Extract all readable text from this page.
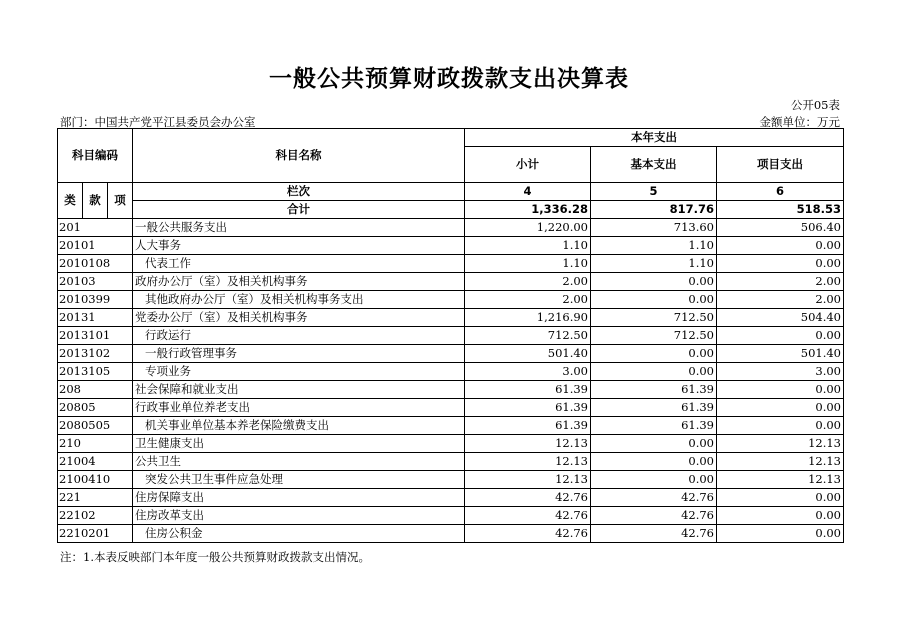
一般公共预算财政拨款支出决算表
公开05表
部门：中国共产党平江县委员会办公室	金额单位：万元
科目编码			科目名称	本年支出		
				小计	基本支出	项目支出

类	款	项	栏次	4	5	6
			合计	1,336.28	817.76	518.53
201			一般公共服务支出	1,220.00	713.60	506.40
20101			人大事务	1.10	1.10	0.00
2010108			代表工作	1.10	1.10	0.00
20103			政府办公厅（室）及相关机构事务	2.00	0.00	2.00
2010399			其他政府办公厅（室）及相关机构事务支出	2.00	0.00	2.00
20131			党委办公厅（室）及相关机构事务	1,216.90	712.50	504.40
2013101			行政运行	712.50	712.50	0.00
2013102			一般行政管理事务	501.40	0.00	501.40
2013105			专项业务	3.00	0.00	3.00
208			社会保障和就业支出	61.39	61.39	0.00
20805			行政事业单位养老支出	61.39	61.39	0.00
2080505			机关事业单位基本养老保险缴费支出	61.39	61.39	0.00
210			卫生健康支出	12.13	0.00	12.13
21004			公共卫生	12.13	0.00	12.13
2100410			突发公共卫生事件应急处理	12.13	0.00	12.13
221			住房保障支出	42.76	42.76	0.00
22102			住房改革支出	42.76	42.76	0.00
2210201			住房公积金	42.76	42.76	0.00
注：1.本表反映部门本年度一般公共预算财政拨款支出情况。
